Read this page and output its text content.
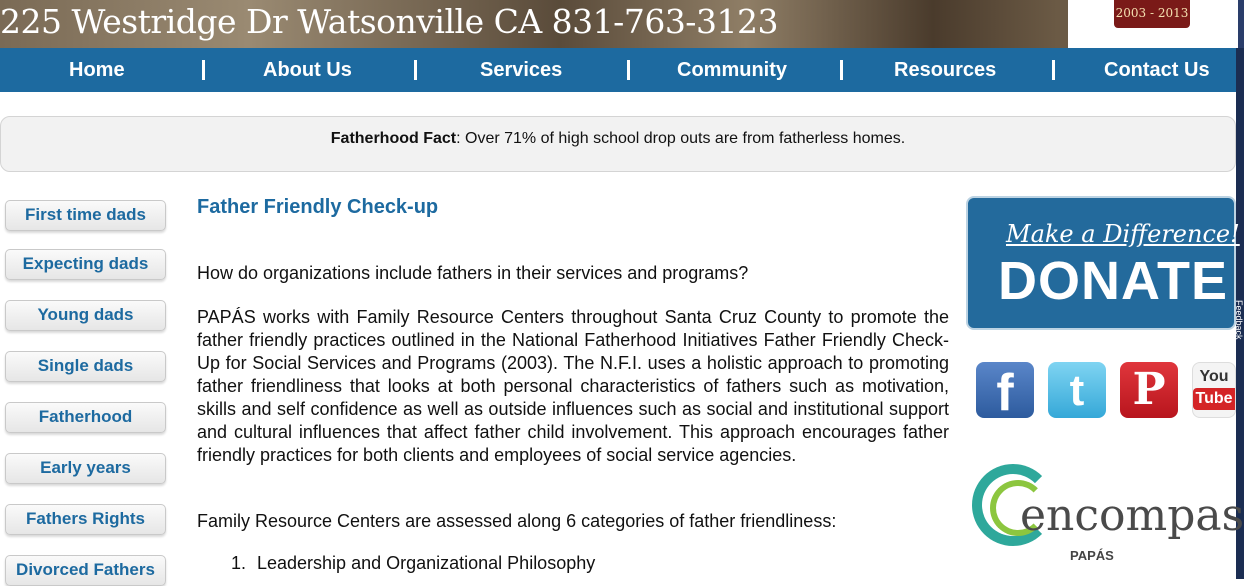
225 Westridge Dr Watsonville CA 831-763-3123	2003 - 2013
Home	About Us	Services	Community	Resources	Contact Us

Fatherhood Fact: Over 71% of high school drop outs are from fatherless homes.

First time dads
Expecting dads
Young dads
Single dads
Fatherhood
Early years
Fathers Rights
Divorced Fathers
Father Friendly Check-up

How do organizations include fathers in their services and programs?

PAPÁS works with Family Resource Centers throughout Santa Cruz County to promote the father friendly practices outlined in the National Fatherhood Initiatives Father Friendly Check-Up for Social Services and Programs (2003). The N.F.I. uses a holistic approach to promoting father friendliness that looks at both personal characteristics of fathers such as motivation, skills and self confidence as well as outside influences such as social and institutional support and cultural influences that affect father child involvement. This approach encourages father friendly practices for both clients and employees of social service agencies.

Family Resource Centers are assessed along 6 categories of father friendliness:

1. Leadership and Organizational Philosophy
Make a Difference!
DONATE
f	t	P	You
Tube
encompas
PAPÁS
Feedback
